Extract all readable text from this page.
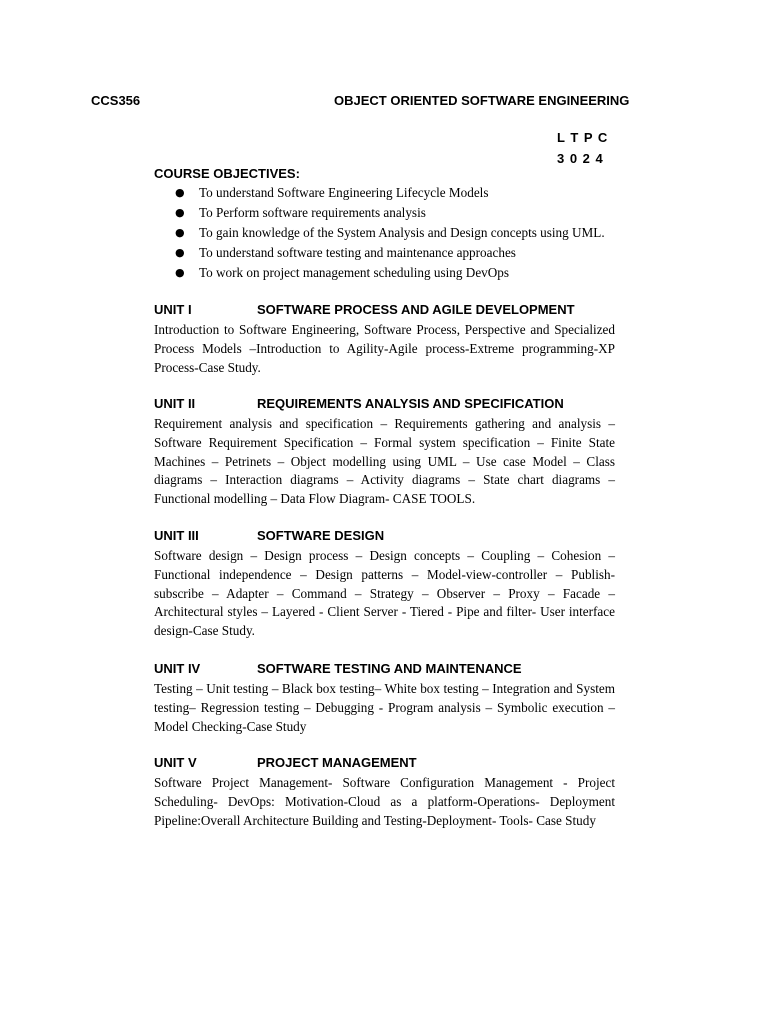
CCS356	OBJECT ORIENTED SOFTWARE ENGINEERING
L T P C
3 0 2 4
COURSE OBJECTIVES:
● To understand Software Engineering Lifecycle Models
● To Perform software requirements analysis
● To gain knowledge of the System Analysis and Design concepts using UML.
● To understand software testing and maintenance approaches
● To work on project management scheduling using DevOps
UNIT I	SOFTWARE PROCESS AND AGILE DEVELOPMENT
Introduction to Software Engineering, Software Process, Perspective and Specialized Process Models –Introduction to Agility-Agile process-Extreme programming-XP Process-Case Study.
UNIT II	REQUIREMENTS ANALYSIS AND SPECIFICATION
Requirement analysis and specification – Requirements gathering and analysis – Software Requirement Specification – Formal system specification – Finite State Machines – Petrinets – Object modelling using UML – Use case Model – Class diagrams – Interaction diagrams – Activity diagrams – State chart diagrams – Functional modelling – Data Flow Diagram- CASE TOOLS.
UNIT III	SOFTWARE DESIGN
Software design – Design process – Design concepts – Coupling – Cohesion – Functional independence – Design patterns – Model-view-controller – Publish-subscribe – Adapter – Command – Strategy – Observer – Proxy – Facade – Architectural styles – Layered - Client Server - Tiered - Pipe and filter- User interface design-Case Study.
UNIT IV	SOFTWARE TESTING AND MAINTENANCE
Testing – Unit testing – Black box testing– White box testing – Integration and System testing– Regression testing – Debugging - Program analysis – Symbolic execution – Model Checking-Case Study
UNIT V	PROJECT MANAGEMENT
Software Project Management- Software Configuration Management - Project Scheduling- DevOps: Motivation-Cloud as a platform-Operations- Deployment Pipeline:Overall Architecture Building and Testing-Deployment- Tools- Case Study
